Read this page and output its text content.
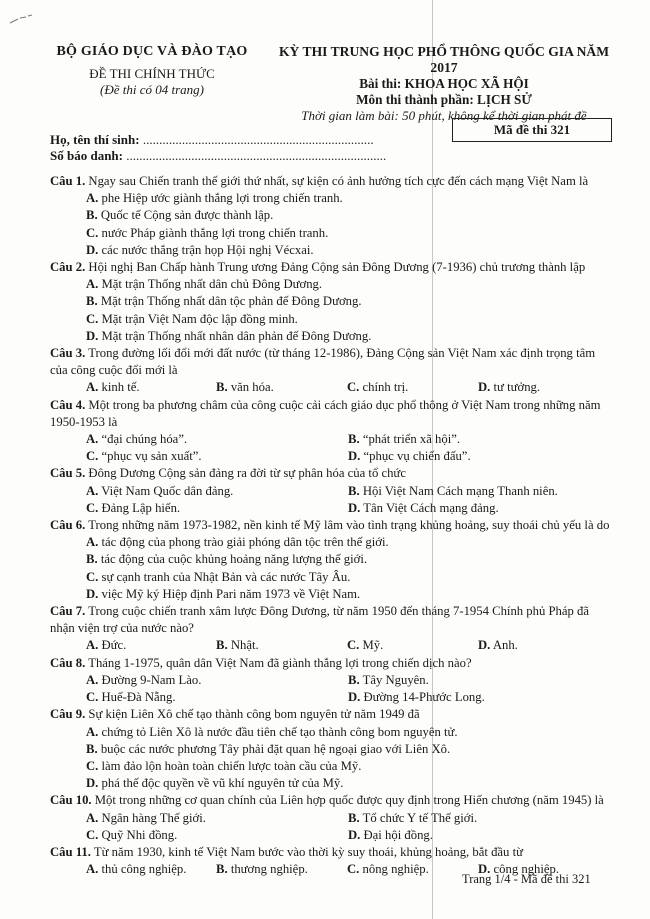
BỘ GIÁO DỤC VÀ ĐÀO TẠO
ĐỀ THI CHÍNH THỨC
(Đề thi có 04 trang)
KỲ THI TRUNG HỌC PHỔ THÔNG QUỐC GIA NĂM 2017
Bài thi: KHOA HỌC XÃ HỘI
Môn thi thành phần: LỊCH SỬ
Thời gian làm bài: 50 phút, không kể thời gian phát đề
Họ, tên thí sinh: .......................................................................
Số báo danh: ................................................................................
Mã đề thi 321

Câu 1. Ngay sau Chiến tranh thế giới thứ nhất, sự kiện có ảnh hưởng tích cực đến cách mạng Việt Nam là

A. phe Hiệp ước giành thắng lợi trong chiến tranh.
B. Quốc tế Cộng sản được thành lập.
C. nước Pháp giành thắng lợi trong chiến tranh.
D. các nước thắng trận họp Hội nghị Vécxai.

Câu 2. Hội nghị Ban Chấp hành Trung ương Đảng Cộng sản Đông Dương (7-1936) chủ trương thành lập

A. Mặt trận Thống nhất dân chủ Đông Dương.
B. Mặt trận Thống nhất dân tộc phản đế Đông Dương.
C. Mặt trận Việt Nam độc lập đồng minh.
D. Mặt trận Thống nhất nhân dân phản đế Đông Dương.

Câu 3. Trong đường lối đổi mới đất nước (từ tháng 12-1986), Đảng Cộng sản Việt Nam xác định trọng tâm của công cuộc đổi mới là

A. kinh tế.	B. văn hóa.	C. chính trị.	D. tư tưởng.

Câu 4. Một trong ba phương châm của công cuộc cải cách giáo dục phổ thông ở Việt Nam trong những năm 1950-1953 là

A. “đại chúng hóa”.	B. “phát triển xã hội”.
C. “phục vụ sản xuất”.	D. “phục vụ chiến đấu”.

Câu 5. Đông Dương Cộng sản đảng ra đời từ sự phân hóa của tổ chức

A. Việt Nam Quốc dân đảng.	B. Hội Việt Nam Cách mạng Thanh niên.
C. Đảng Lập hiến.	D. Tân Việt Cách mạng đảng.

Câu 6. Trong những năm 1973-1982, nền kinh tế Mỹ lâm vào tình trạng khủng hoảng, suy thoái chủ yếu là do

A. tác động của phong trào giải phóng dân tộc trên thế giới.
B. tác động của cuộc khủng hoảng năng lượng thế giới.
C. sự cạnh tranh của Nhật Bản và các nước Tây Âu.
D. việc Mỹ ký Hiệp định Pari năm 1973 về Việt Nam.

Câu 7. Trong cuộc chiến tranh xâm lược Đông Dương, từ năm 1950 đến tháng 7-1954 Chính phủ Pháp đã nhận viện trợ của nước nào?

A. Đức.	B. Nhật.	C. Mỹ.	D. Anh.

Câu 8. Tháng 1-1975, quân dân Việt Nam đã giành thắng lợi trong chiến dịch nào?

A. Đường 9-Nam Lào.	B. Tây Nguyên.
C. Huế-Đà Nẵng.	D. Đường 14-Phước Long.

Câu 9. Sự kiện Liên Xô chế tạo thành công bom nguyên tử năm 1949 đã

A. chứng tỏ Liên Xô là nước đầu tiên chế tạo thành công bom nguyên tử.
B. buộc các nước phương Tây phải đặt quan hệ ngoại giao với Liên Xô.
C. làm đảo lộn hoàn toàn chiến lược toàn cầu của Mỹ.
D. phá thế độc quyền về vũ khí nguyên tử của Mỹ.

Câu 10. Một trong những cơ quan chính của Liên hợp quốc được quy định trong Hiến chương (năm 1945) là

A. Ngân hàng Thế giới.	B. Tổ chức Y tế Thế giới.
C. Quỹ Nhi đồng.	D. Đại hội đồng.

Câu 11. Từ năm 1930, kinh tế Việt Nam bước vào thời kỳ suy thoái, khủng hoảng, bắt đầu từ

A. thủ công nghiệp.	B. thương nghiệp.	C. nông nghiệp.	D. công nghiệp.
Trang 1/4 - Mã đề thi 321
